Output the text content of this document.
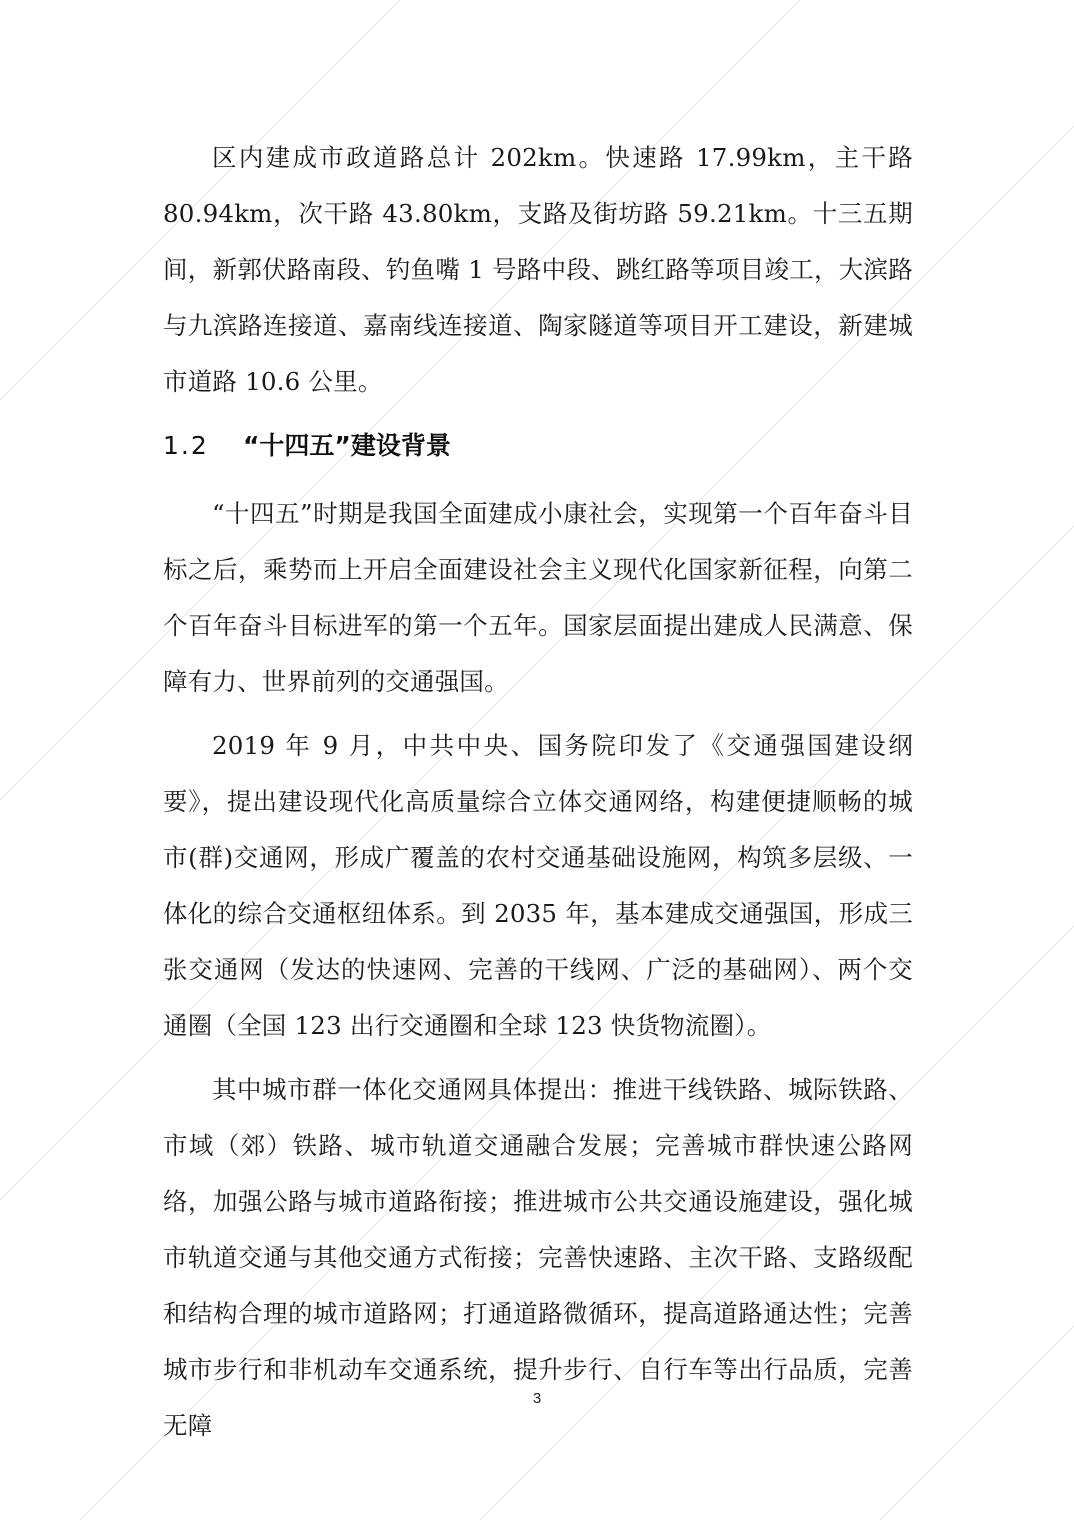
区内建成市政道路总计 202km。快速路 17.99km，主干路 80.94km，次干路 43.80km，支路及街坊路 59.21km。十三五期间，新郭伏路南段、钓鱼嘴 1 号路中段、跳红路等项目竣工，大滨路与九滨路连接道、嘉南线连接道、陶家隧道等项目开工建设，新建城市道路 10.6 公里。

1.2 “十四五”建设背景

“十四五”时期是我国全面建成小康社会，实现第一个百年奋斗目标之后，乘势而上开启全面建设社会主义现代化国家新征程，向第二个百年奋斗目标进军的第一个五年。国家层面提出建成人民满意、保障有力、世界前列的交通强国。

2019 年 9 月，中共中央、国务院印发了《交通强国建设纲要》，提出建设现代化高质量综合立体交通网络，构建便捷顺畅的城市(群)交通网，形成广覆盖的农村交通基础设施网，构筑多层级、一体化的综合交通枢纽体系。到 2035 年，基本建成交通强国，形成三张交通网（发达的快速网、完善的干线网、广泛的基础网）、两个交通圈（全国 123 出行交通圈和全球 123 快货物流圈）。

其中城市群一体化交通网具体提出：推进干线铁路、城际铁路、市域（郊）铁路、城市轨道交通融合发展；完善城市群快速公路网络，加强公路与城市道路衔接；推进城市公共交通设施建设，强化城市轨道交通与其他交通方式衔接；完善快速路、主次干路、支路级配和结构合理的城市道路网；打通道路微循环，提高道路通达性；完善城市步行和非机动车交通系统，提升步行、自行车等出行品质，完善无障

3
